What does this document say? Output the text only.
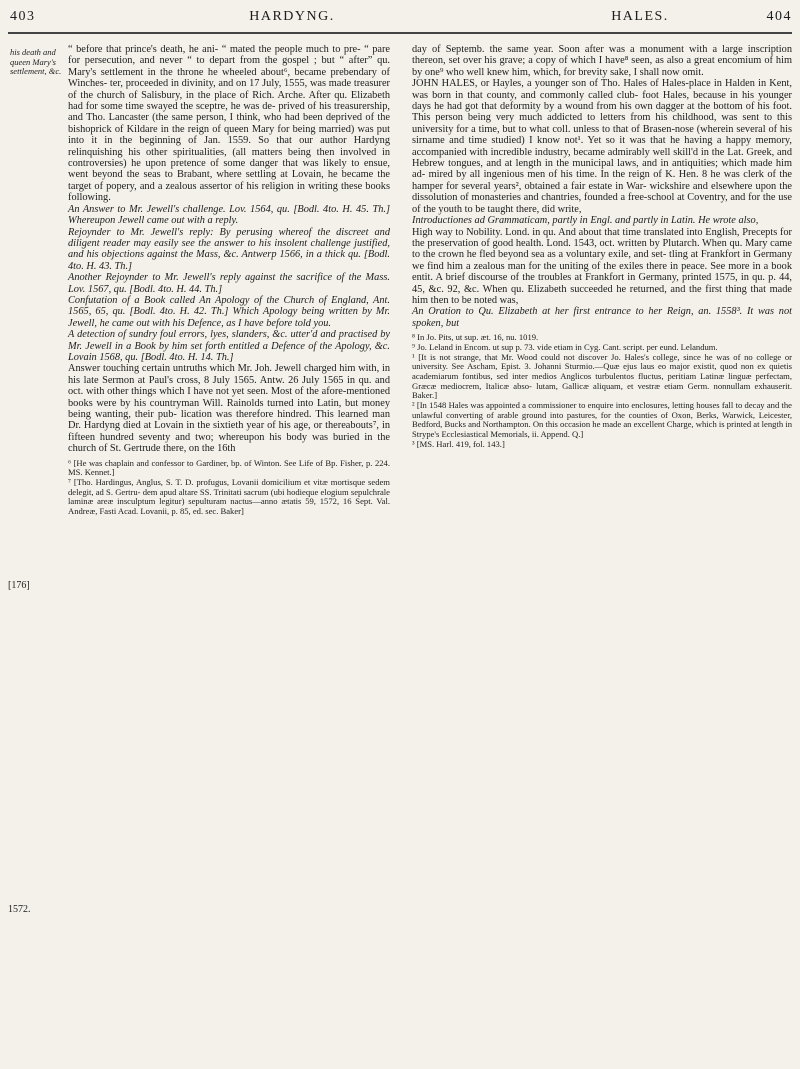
403	HARDYNG.	HALES.	404
his death and queen Mary's settlement, &c.
[176]
1572.

“ before that prince's death, he ani- “ mated the people much to pre- “ pare for persecution, and never “ to depart from the gospel ; but “ after” qu. Mary's settlement in the throne he wheeled about⁶, became prebendary of Winches- ter, proceeded in divinity, and on 17 July, 1555, was made treasurer of the church of Salisbury, in the place of Rich. Arche. After qu. Elizabeth had for some time swayed the sceptre, he was de- prived of his treasurership, and Tho. Lancaster (the same person, I think, who had been deprived of the bishoprick of Kildare in the reign of queen Mary for being married) was put into it in the beginning of Jan. 1559. So that our author Hardyng relinquishing his other spiritualities, (all matters being then involved in controversies) he upon pretence of some danger that was likely to ensue, went beyond the seas to Brabant, where settling at Lovain, he became the target of popery, and a zealous assertor of his religion in writing these books following.

An Answer to Mr. Jewell's challenge. Lov. 1564, qu. [Bodl. 4to. H. 45. Th.] Whereupon Jewell came out with a reply.

Rejoynder to Mr. Jewell's reply: By perusing whereof the discreet and diligent reader may easily see the answer to his insolent challenge justified, and his objections against the Mass, &c. Antwerp 1566, in a thick qu. [Bodl. 4to. H. 43. Th.]

Another Rejoynder to Mr. Jewell's reply against the sacrifice of the Mass. Lov. 1567, qu. [Bodl. 4to. H. 44. Th.]

Confutation of a Book called An Apology of the Church of England, Ant. 1565, 65, qu. [Bodl. 4to. H. 42. Th.] Which Apology being written by Mr. Jewell, he came out with his Defence, as I have before told you.

A detection of sundry foul errors, lyes, slanders, &c. utter'd and practised by Mr. Jewell in a Book by him set forth entitled a Defence of the Apology, &c. Lovain 1568, qu. [Bodl. 4to. H. 14. Th.]

Answer touching certain untruths which Mr. Joh. Jewell charged him with, in his late Sermon at Paul's cross, 8 July 1565. Antw. 26 July 1565 in qu. and oct. with other things which I have not yet seen. Most of the afore-mentioned books were by his countryman Will. Rainolds turned into Latin, but money being wanting, their pub- lication was therefore hindred. This learned man Dr. Hardyng died at Lovain in the sixtieth year of his age, or thereabouts⁷, in fifteen hundred seventy and two; whereupon his body was buried in the church of St. Gertrude there, on the 16th

⁶ [He was chaplain and confessor to Gardiner, bp. of Winton. See Life of Bp. Fisher, p. 224. MS. Kennet.]

⁷ [Tho. Hardingus, Anglus, S. T. D. profugus, Lovanii domicilium et vitæ mortisque sedem delegit, ad S. Gertru- dem apud altare SS. Trinitati sacrum (ubi hodieque elogium sepulchrale laminæ areæ insculptum legitur) sepulturam nactus—anno ætatis 59, 1572, 16 Sept. Val. Andreæ, Fasti Acad. Lovanii, p. 85, ed. sec. Baker]

day of Septemb. the same year. Soon after was a monument with a large inscription thereon, set over his grave; a copy of which I have⁸ seen, as also a great encomium of him by one⁹ who well knew him, which, for brevity sake, I shall now omit.

JOHN HALES, or Hayles, a younger son of Tho. Hales of Hales-place in Halden in Kent, was born in that county, and commonly called club- foot Hales, because in his younger days he had got that deformity by a wound from his own dagger at the bottom of his foot. This person being very much addicted to letters from his childhood, was sent to this university for a time, but to what coll. unless to that of Brasen-nose (wherein several of his sirname and time studied) I know not¹. Yet so it was that he having a happy memory, accompanied with incredible industry, became admirably well skill'd in the Lat. Greek, and Hebrew tongues, and at length in the municipal laws, and in antiquities; which made him ad- mired by all ingenious men of his time. In the reign of K. Hen. 8 he was clerk of the hamper for several years², obtained a fair estate in War- wickshire and elsewhere upon the dissolution of monasteries and chantries, founded a free-school at Coventry, and for the use of the youth to be taught there, did write,

Introductiones ad Grammaticam, partly in Engl. and partly in Latin. He wrote also,

High way to Nobility. Lond. in qu. And about that time translated into English, Precepts for the preservation of good health. Lond. 1543, oct. written by Plutarch. When qu. Mary came to the crown he fled beyond sea as a voluntary exile, and set- tling at Frankfort in Germany we find him a zealous man for the uniting of the exiles there in peace. See more in a book entit. A brief discourse of the troubles at Frankfort in Germany, printed 1575, in qu. p. 44, 45, &c. 92, &c. When qu. Elizabeth succeeded he returned, and the first thing that made him then to be noted was,

An Oration to Qu. Elizabeth at her first entrance to her Reign, an. 1558³. It was not spoken, but

⁸ In Jo. Pits, ut sup. æt. 16, nu. 1019.

⁹ Jo. Leland in Encom. ut sup p. 73. vide etiam in Cyg. Cant. script. per eund. Lelandum.

¹ [It is not strange, that Mr. Wood could not discover Jo. Hales's college, since he was of no college or university. See Ascham, Epist. 3. Johanni Sturmio.—Quæ ejus laus eo major existit, quod non ex quietis academiarum fontibus, sed inter medios Anglicos turbulentos fluctus, peritiam Latinæ linguæ perfectam, Græcæ mediocrem, Italicæ abso- lutam, Gallicæ aliquam, et vestræ etiam Germ. nonnullam exhauserit. Baker.]

² [In 1548 Hales was appointed a commissioner to enquire into enclosures, letting houses fall to decay and the unlawful converting of arable ground into pastures, for the counties of Oxon, Berks, Warwick, Leicester, Bedford, Bucks and Northampton. On this occasion he made an excellent Charge, which is printed at length in Strype's Ecclesiastical Memorials, ii. Append. Q.]

³ [MS. Harl. 419, fol. 143.]
